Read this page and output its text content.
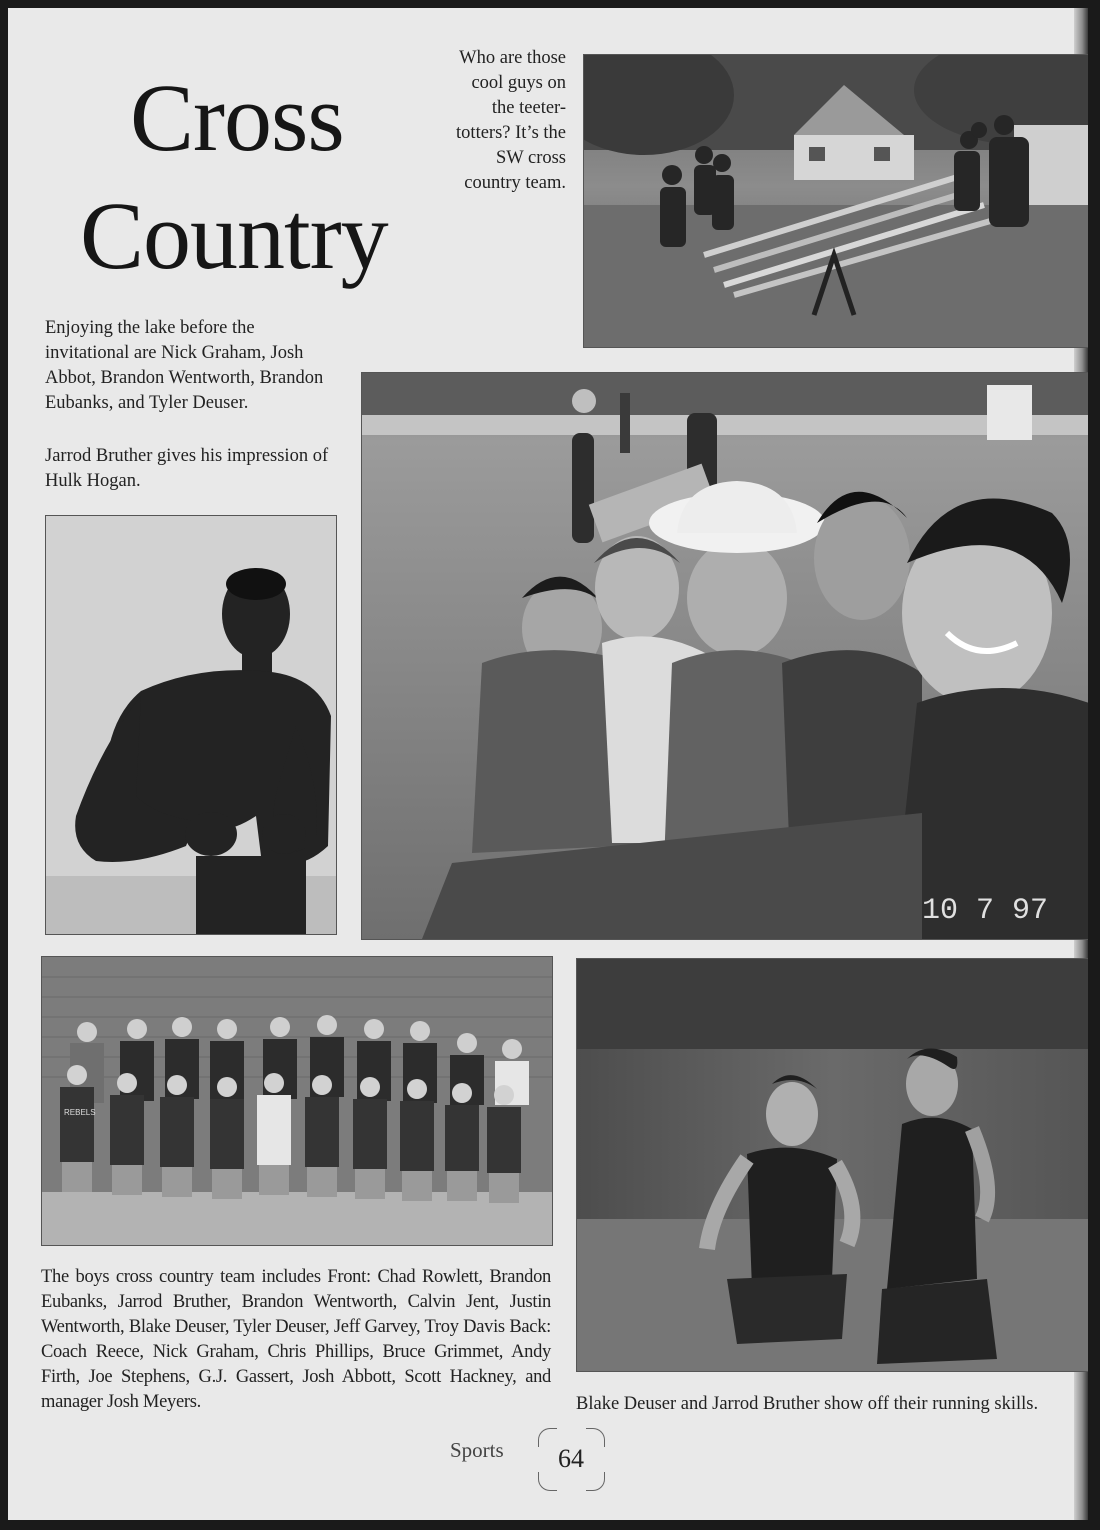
Cross
Country

Who are those cool guys on the teeter-totters? It’s the SW cross country team.

Enjoying the lake before the invitational are Nick Graham, Josh Abbot, Brandon Wentworth, Brandon Eubanks, and Tyler Deuser.

Jarrod Bruther gives his impression of Hulk Hogan.

10 7 97
REBELS

The boys cross country team includes Front: Chad Rowlett, Brandon Eubanks, Jarrod Bruther, Brandon Wentworth, Calvin Jent, Justin Wentworth, Blake Deuser, Tyler Deuser, Jeff Garvey, Troy Davis Back: Coach Reece, Nick Graham, Chris Phillips, Bruce Grimmet, Andy Firth, Joe Stephens, G.J. Gassert, Josh Abbott, Scott Hackney, and manager Josh Meyers.	Blake Deuser and Jarrod Bruther show off their running skills.

Sports	64
